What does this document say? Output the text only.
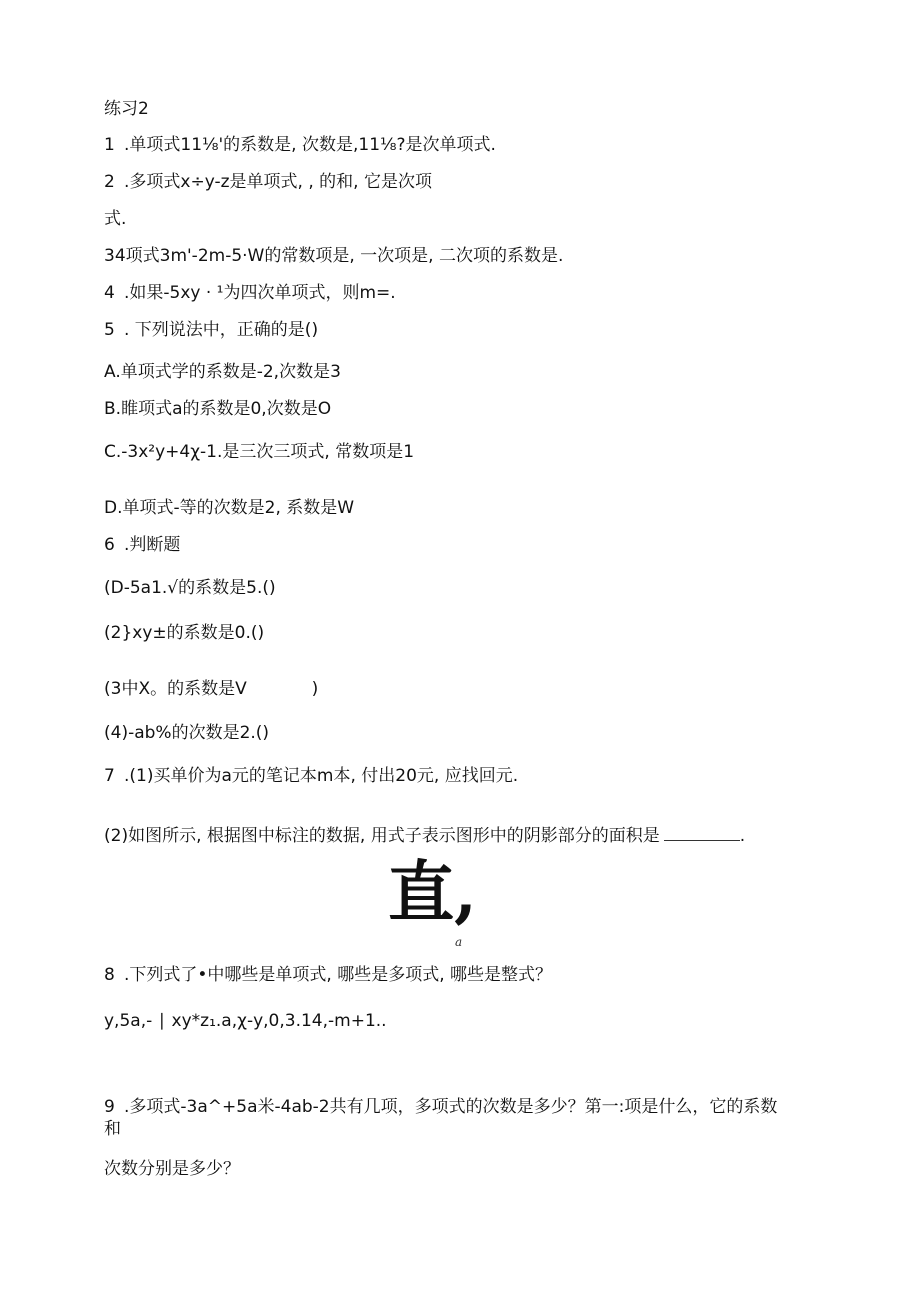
练习2
1 .单项式11⅛'的系数是, 次数是,11⅛?是次单项式.
2 .多项式x÷y-z是单项式, , 的和, 它是次项
式.
34项式3m'-2m-5·W的常数项是, 一次项是, 二次项的系数是.
4 .如果-5xy · ¹为四次单项式，则m=.
5 . 下列说法中，正确的是()
A.单项式学的系数是-2,次数是3
B.睢项式a的系数是0,次数是O
C.-3x²y+4χ-1.是三次三项式, 常数项是1
D.单项式-等的次数是2, 系数是W
6 .判断题
(D-5a1.√的系数是5.()
(2}xy±的系数是0.()
(3中X。的系数是V            )
(4)-ab%的次数是2.()
7 .(1)买单价为a元的笔记本m本, 付出20元, 应找回元.
(2)如图所示, 根据图中标注的数据, 用式子表示图形中的阴影部分的面积是	.
直,
a
8 .下列式了•中哪些是单项式, 哪些是多项式, 哪些是整式？
y,5a,- ∣ xy*z₁.a,χ-y,0,3.14,-m+1..
9 .多项式-3a^+5a米-4ab-2共有几项，多项式的次数是多少？第一:项是什么，它的系数
和
次数分别是多少？
